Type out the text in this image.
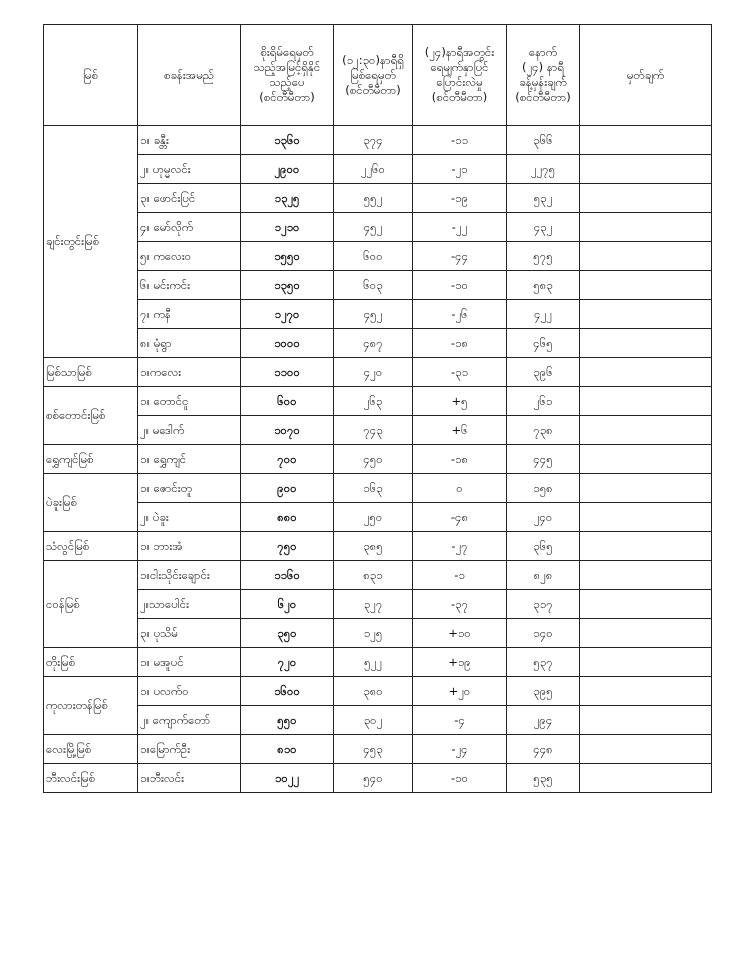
မြစ်	စခန်းအမည်	စိုးရိမ်ရေမှတ်
သည့်အမြင့်ရှိနိုင်
သည့်ပေ
(စင်တီမီတာ)	(၁၂:၃၀)နာရီရှိ
မြစ်ရေမှတ်
(စင်တီမီတာ)	(၂၄)နာရီအတွင်း
ရေမျက်နှာပြင်
ပြောင်းလဲမှု
(စင်တီမီတာ)	နောက်
(၂၄) နာရီ
ခန့်မှန်းချက်
(စင်တီမီတာ)	မှတ်ချက်
ချင်းတွင်းမြစ်	၁။ ခန္တီး	၁၃၆၀	၃၇၄	-၁၁	၃၆၆	
	၂။ ဟုမ္မလင်း	၂၉၀၀	၂၂၆၀	-၂၁	၂၂၇၅	
	၃။ ဖောင်းပြင်	၁၃၂၅	၅၅၂	-၁၉	၅၃၂	
	၄။ မော်လိုက်	၁၂၁၀	၄၅၂	-၂၂	၄၃၂	
	၅။ ကလေးဝ	၁၅၅၀	၆၀၀	-၄၄	၅၇၅	
	၆။ မင်းကင်း	၁၃၅၀	၆၀၃	-၁၀	၅၈၃	
	၇။ ကနီ	၁၂၇၀	၄၅၂	-၂၆	၄၂၂	
	၈။ မုံရွာ	၁၀၀၀	၄၈၇	-၁၈	၄၆၅	
မြစ်သာမြစ်	၁။ကလေး	၁၁၀၀	၄၂၀	-၃၁	၃၉၆	
စစ်တောင်းမြစ်	၁။ တောင်ငူ	၆၀၀	၂၆၃	+၅	၂၆၁	
	၂။ မဒေါက်	၁၀၇၀	၇၄၃	+၆	၇၃၈	
ရွှေကျင်မြစ်	၁။ ရွှေကျင်	၇၀၀	၄၅၀	-၁၈	၄၄၅	
ပဲခူးမြစ်	၁။ ဇောင်းတူ	၉၀၀	၁၆၃	၀	၁၅၈	
	၂။ ပဲခူး	၈၈၀	၂၅၀	-၄၈	၂၄၀	
သံလွင်မြစ်	၁။ ဘားအံ	၇၅၀	၃၈၅	-၂၇	၃၆၅	
ငဝန်မြစ်	၁။ငါးသိုင်းချောင်း	၁၁၆၀	၈၃၁	-၁	၈၂၈	
	၂။သာပေါင်း	၆၂၀	၃၂၇	-၃၇	၃၁၇	
	၃။ ပုသိမ်	၃၅၀	၁၂၅	+၁၀	၁၄၀	
တိုးမြစ်	၁။ မအူပင်	၇၂၀	၅၂၂	+၁၉	၅၃၇	
ကုလားတန်မြစ်	၁။ ပလက်ဝ	၁၆၀၀	၃၈၀	+၂၀	၃၉၅	
	၂။ ကျောက်တော်	၅၅၀	၃၀၂	-၄	၂၉၄	
လေးမြို့မြစ်	၁။မြောက်ဦး	၈၁၀	၄၅၃	-၂၄	၄၄၈	
ဘီးလင်းမြစ်	၁။ဘီးလင်း	၁၀၂၂	၅၄၀	-၁၀	၅၃၅	
